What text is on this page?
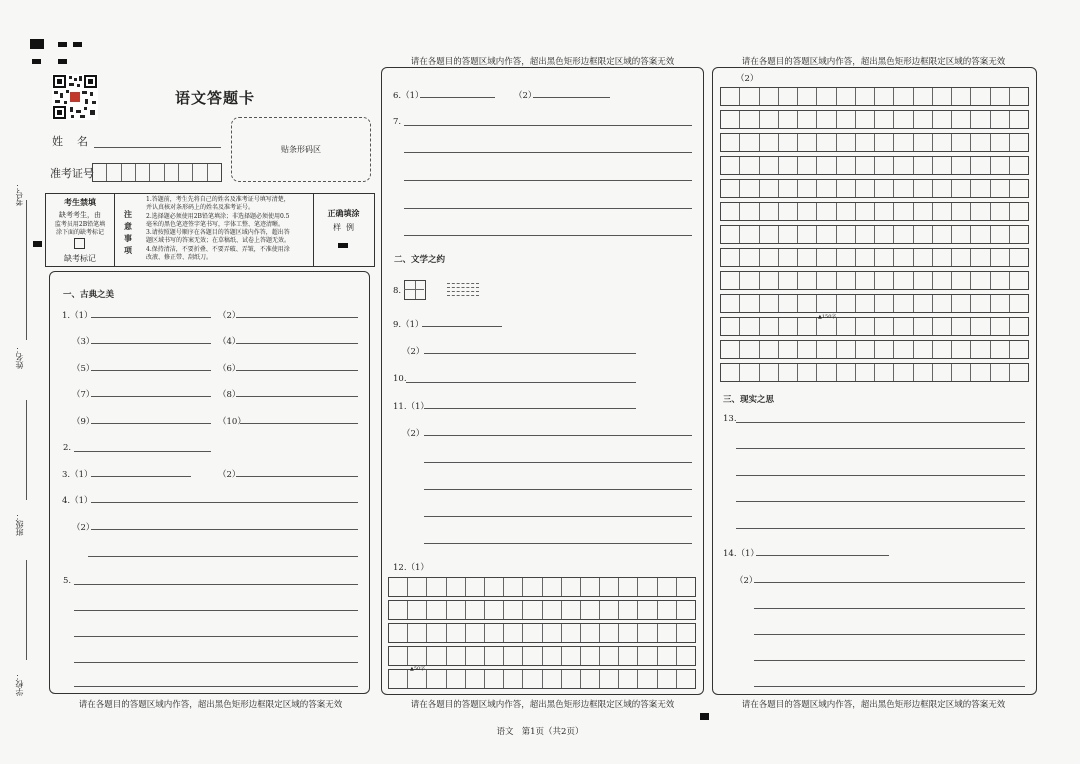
考号：
姓名：
班级：
学校：
语文答题卡
姓    名
准考证号
贴条形码区
考生禁填
缺考考生，由
监考员用2B铅笔填
涂下面的缺考标记
缺考标记
注意事项
1.答题前，考生先将自己的姓名及准考证号填写清楚，
并认真核对条形码上的姓名及准考证号。
2.选择题必须使用2B铅笔填涂；非选择题必须使用0.5
毫米的黑色笔迹签字笔书写，字体工整、笔迹清晰。
3.请按照题号顺序在各题目的答题区域内作答，超出答
题区域书写的答案无效；在草稿纸、试卷上答题无效。
4.保持清洁，不要折叠、不要弄破、弄皱，不准使用涂
改液、修正带、刮纸刀。
正确填涂
样  例
一、古典之美
1.（1）	（2）
（3）	（4）
（5）	（6）
（7）	（8）
（9）	（10）
2.
3.（1）	（2）
4.（1）
（2）
5.
请在各题目的答题区域内作答，超出黑色矩形边框限定区域的答案无效
请在各题目的答题区域内作答，超出黑色矩形边框限定区域的答案无效
6.（1）	（2）
7.
二、文学之约
8.
9.（1）
（2）
10.
11.（1）
（2）
12.（1）
▲50字
请在各题目的答题区域内作答，超出黑色矩形边框限定区域的答案无效
（2）
▲150字
三、现实之思
13.
14.（1）
（2）
请在各题目的答题区域内作答，超出黑色矩形边框限定区域的答案无效	请在各题目的答题区域内作答，超出黑色矩形边框限定区域的答案无效
语文   第1页（共2页）
